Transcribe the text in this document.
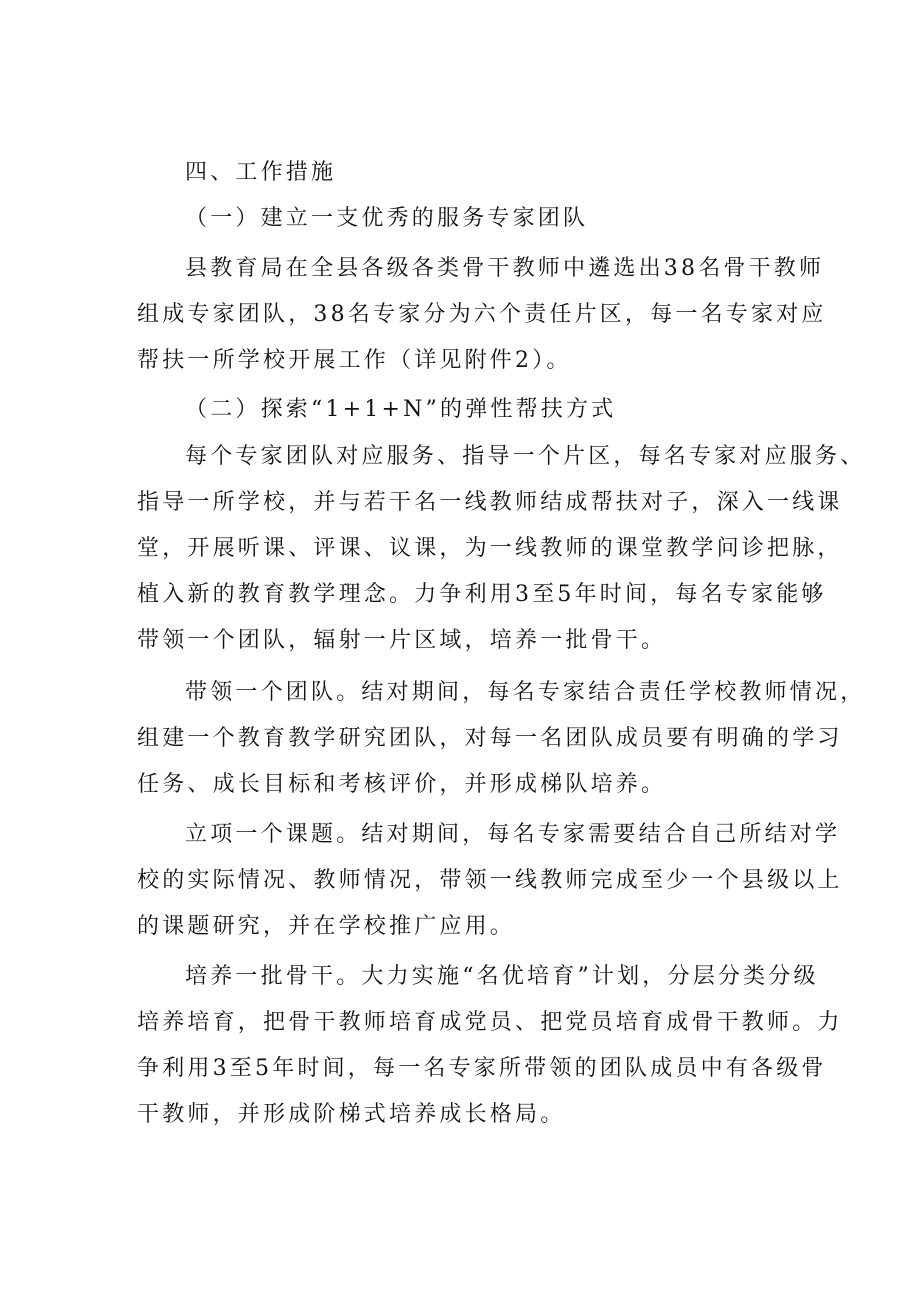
四、工作措施

（一）建立一支优秀的服务专家团队

县教育局在全县各级各类骨干教师中遴选出38名骨干教师

组成专家团队，38名专家分为六个责任片区，每一名专家对应

帮扶一所学校开展工作（详见附件2）。

（二）探索“1+1+N”的弹性帮扶方式

每个专家团队对应服务、指导一个片区，每名专家对应服务、

指导一所学校，并与若干名一线教师结成帮扶对子，深入一线课

堂，开展听课、评课、议课，为一线教师的课堂教学问诊把脉，

植入新的教育教学理念。力争利用3至5年时间，每名专家能够

带领一个团队，辐射一片区域，培养一批骨干。

带领一个团队。结对期间，每名专家结合责任学校教师情况，

组建一个教育教学研究团队，对每一名团队成员要有明确的学习

任务、成长目标和考核评价，并形成梯队培养。

立项一个课题。结对期间，每名专家需要结合自己所结对学

校的实际情况、教师情况，带领一线教师完成至少一个县级以上

的课题研究，并在学校推广应用。

培养一批骨干。大力实施“名优培育”计划，分层分类分级

培养培育，把骨干教师培育成党员、把党员培育成骨干教师。力

争利用3至5年时间，每一名专家所带领的团队成员中有各级骨

干教师，并形成阶梯式培养成长格局。
